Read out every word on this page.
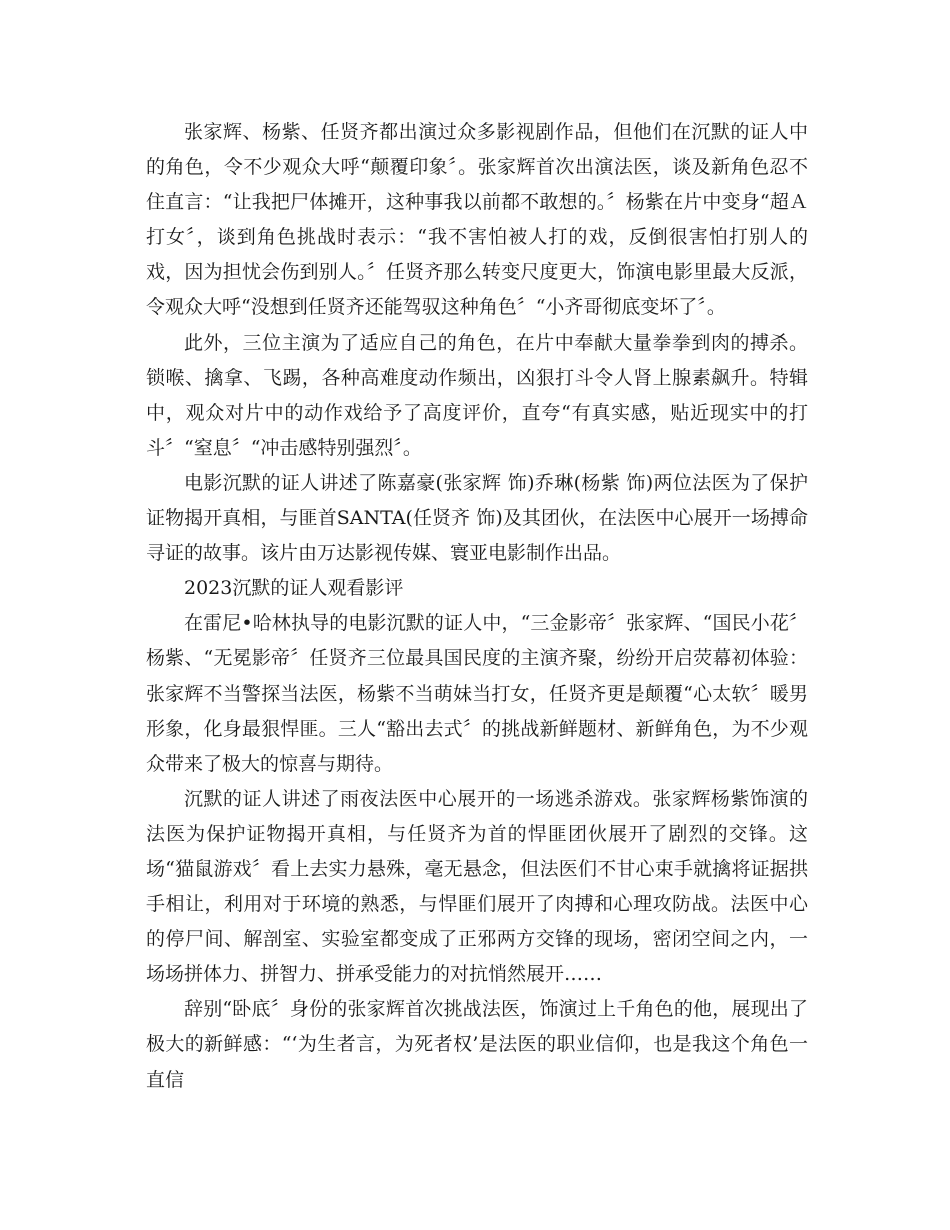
张家辉、杨紫、任贤齐都出演过众多影视剧作品，但他们在沉默的证人中的角色，令不少观众大呼“颠覆印象〞。张家辉首次出演法医，谈及新角色忍不住直言：“让我把尸体摊开，这种事我以前都不敢想的。〞杨紫在片中变身“超Ａ打女〞，谈到角色挑战时表示：“我不害怕被人打的戏，反倒很害怕打别人的戏，因为担忧会伤到别人。〞任贤齐那么转变尺度更大，饰演电影里最大反派，令观众大呼“没想到任贤齐还能驾驭这种角色〞“小齐哥彻底变坏了〞。

此外，三位主演为了适应自己的角色，在片中奉献大量拳拳到肉的搏杀。锁喉、擒拿、飞踢，各种高难度动作频出，凶狠打斗令人肾上腺素飙升。特辑中，观众对片中的动作戏给予了高度评价，直夸“有真实感，贴近现实中的打斗〞“窒息〞“冲击感特别强烈〞。

电影沉默的证人讲述了陈嘉豪(张家辉 饰)乔琳(杨紫 饰)两位法医为了保护证物揭开真相，与匪首SANTA(任贤齐 饰)及其团伙，在法医中心展开一场搏命寻证的故事。该片由万达影视传媒、寰亚电影制作出品。

2023沉默的证人观看影评

在雷尼•哈林执导的电影沉默的证人中，“三金影帝〞张家辉、“国民小花〞杨紫、“无冕影帝〞任贤齐三位最具国民度的主演齐聚，纷纷开启荧幕初体验：张家辉不当警探当法医，杨紫不当萌妹当打女，任贤齐更是颠覆“心太软〞暖男形象，化身最狠悍匪。三人“豁出去式〞的挑战新鲜题材、新鲜角色，为不少观众带来了极大的惊喜与期待。

沉默的证人讲述了雨夜法医中心展开的一场逃杀游戏。张家辉杨紫饰演的法医为保护证物揭开真相，与任贤齐为首的悍匪团伙展开了剧烈的交锋。这场“猫鼠游戏〞看上去实力悬殊，毫无悬念，但法医们不甘心束手就擒将证据拱手相让，利用对于环境的熟悉，与悍匪们展开了肉搏和心理攻防战。法医中心的停尸间、解剖室、实验室都变成了正邪两方交锋的现场，密闭空间之内，一场场拼体力、拼智力、拼承受能力的对抗悄然展开……

辞别“卧底〞身份的张家辉首次挑战法医，饰演过上千角色的他，展现出了极大的新鲜感：“‘为生者言，为死者权’是法医的职业信仰，也是我这个角色一直信
